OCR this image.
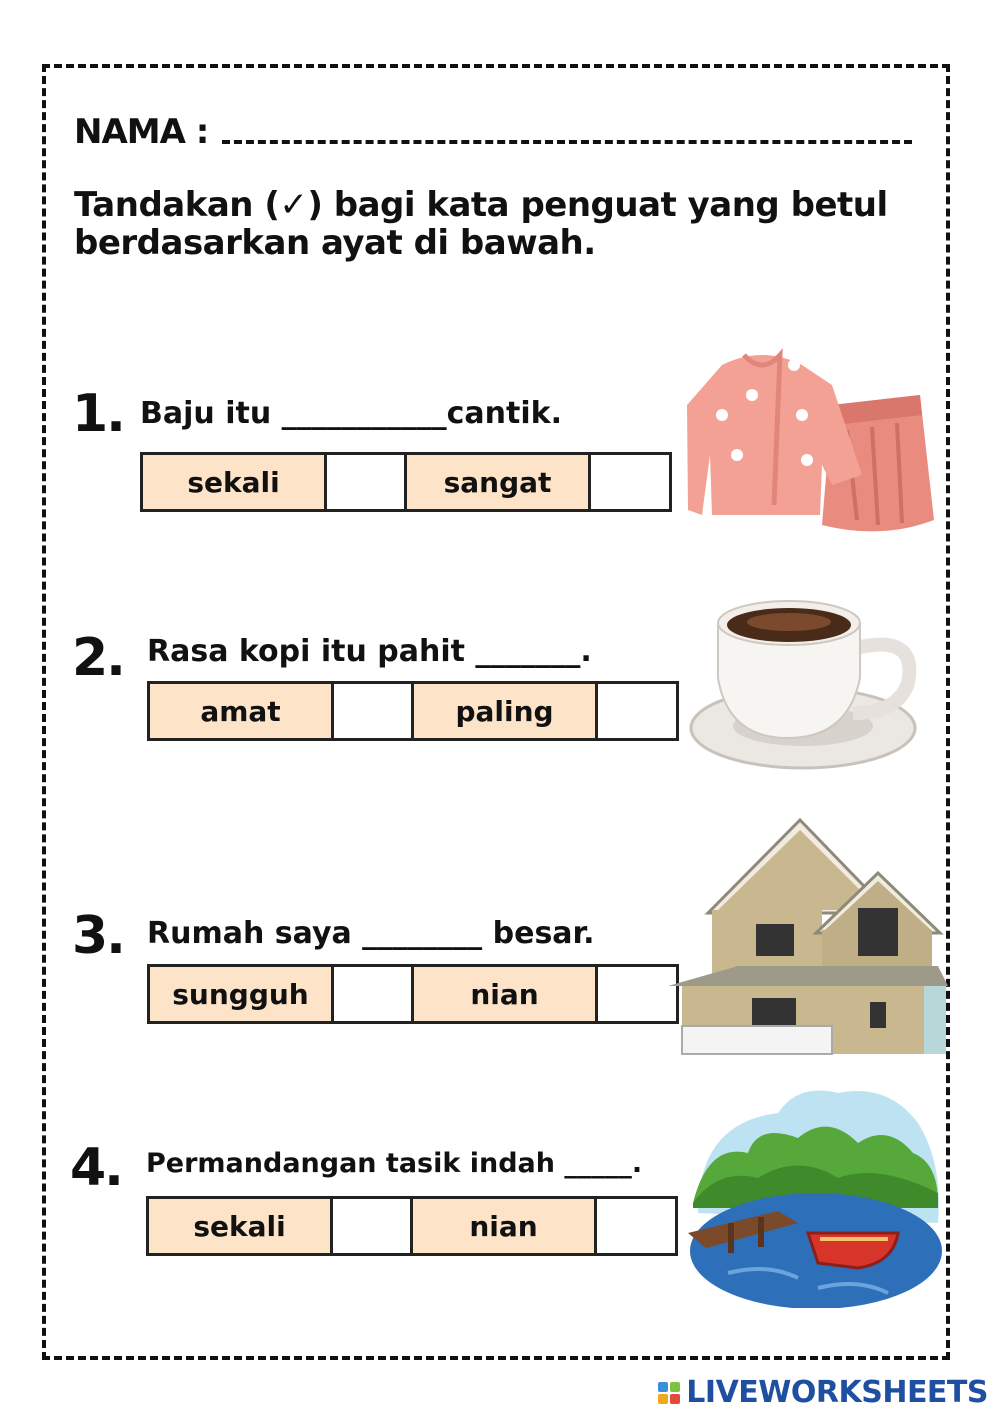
NAMA :
Tandakan (✓) bagi kata penguat yang betul berdasarkan ayat di bawah.
1. Baju itu ___________cantik.
sekali	sangat
2. Rasa kopi itu pahit _______.
amat	paling
3. Rumah saya ________ besar.
sungguh	nian
4. Permandangan tasik indah _____.
sekali	nian
LIVEWORKSHEETS
